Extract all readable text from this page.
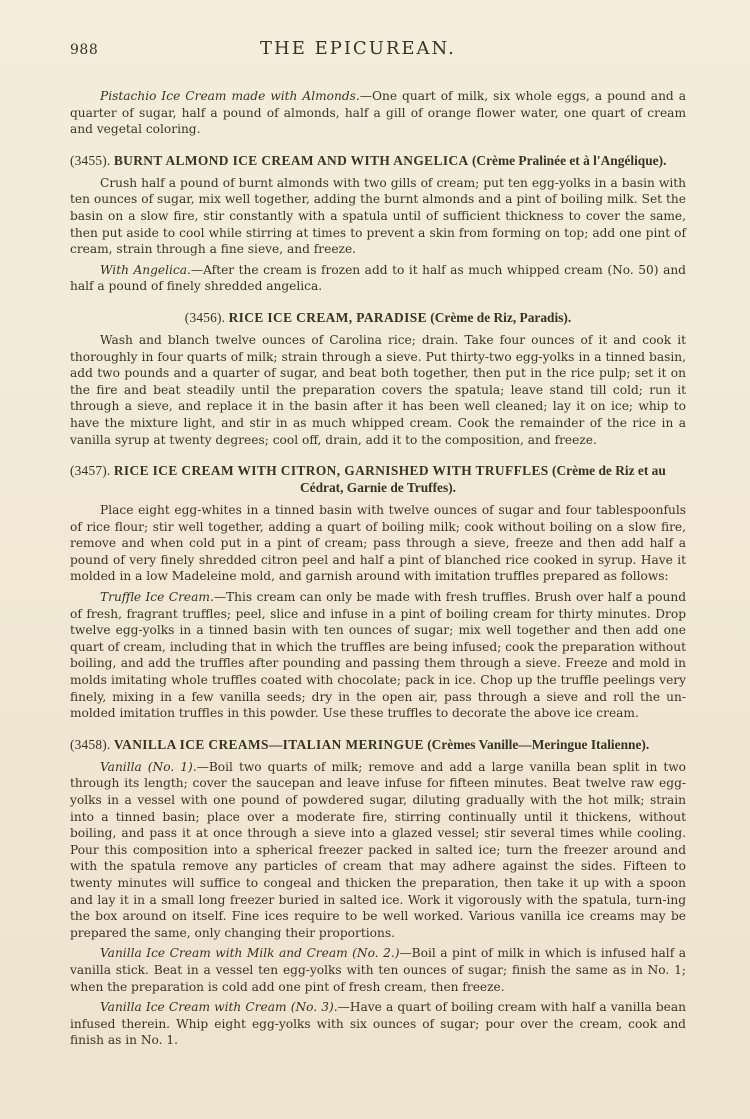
988	THE EPICUREAN.

Pistachio Ice Cream made with Almonds.—One quart of milk, six whole eggs, a pound and a quarter of sugar, half a pound of almonds, half a gill of orange flower water, one quart of cream and vegetal coloring.

(3455). BURNT ALMOND ICE CREAM AND WITH ANGELICA (Crème Pralinée et à l'Angélique).

Crush half a pound of burnt almonds with two gills of cream; put ten egg-yolks in a basin with ten ounces of sugar, mix well together, adding the burnt almonds and a pint of boiling milk. Set the basin on a slow fire, stir constantly with a spatula until of sufficient thickness to cover the same, then put aside to cool while stirring at times to prevent a skin from forming on top; add one pint of cream, strain through a fine sieve, and freeze.

With Angelica.—After the cream is frozen add to it half as much whipped cream (No. 50) and half a pound of finely shredded angelica.

(3456). RICE ICE CREAM, PARADISE (Crème de Riz, Paradis).

Wash and blanch twelve ounces of Carolina rice; drain. Take four ounces of it and cook it thoroughly in four quarts of milk; strain through a sieve. Put thirty-two egg-yolks in a tinned basin, add two pounds and a quarter of sugar, and beat both together, then put in the rice pulp; set it on the fire and beat steadily until the preparation covers the spatula; leave stand till cold; run it through a sieve, and replace it in the basin after it has been well cleaned; lay it on ice; whip to have the mixture light, and stir in as much whipped cream. Cook the remainder of the rice in a vanilla syrup at twenty degrees; cool off, drain, add it to the composition, and freeze.

(3457). RICE ICE CREAM WITH CITRON, GARNISHED WITH TRUFFLES (Crème de Riz et au
Cédrat, Garnie de Truffes).

Place eight egg-whites in a tinned basin with twelve ounces of sugar and four tablespoonfuls of rice flour; stir well together, adding a quart of boiling milk; cook without boiling on a slow fire, remove and when cold put in a pint of cream; pass through a sieve, freeze and then add half a pound of very finely shredded citron peel and half a pint of blanched rice cooked in syrup. Have it molded in a low Madeleine mold, and garnish around with imitation truffles prepared as follows:

Truffle Ice Cream.—This cream can only be made with fresh truffles. Brush over half a pound of fresh, fragrant truffles; peel, slice and infuse in a pint of boiling cream for thirty minutes. Drop twelve egg-yolks in a tinned basin with ten ounces of sugar; mix well together and then add one quart of cream, including that in which the truffles are being infused; cook the preparation without boiling, and add the truffles after pounding and passing them through a sieve. Freeze and mold in molds imitating whole truffles coated with chocolate; pack in ice. Chop up the truffle peelings very finely, mixing in a few vanilla seeds; dry in the open air, pass through a sieve and roll the un-molded imitation truffles in this powder. Use these truffles to decorate the above ice cream.

(3458). VANILLA ICE CREAMS—ITALIAN MERINGUE (Crèmes Vanille—Meringue Italienne).

Vanilla (No. 1).—Boil two quarts of milk; remove and add a large vanilla bean split in two through its length; cover the saucepan and leave infuse for fifteen minutes. Beat twelve raw egg-yolks in a vessel with one pound of powdered sugar, diluting gradually with the hot milk; strain into a tinned basin; place over a moderate fire, stirring continually until it thickens, without boiling, and pass it at once through a sieve into a glazed vessel; stir several times while cooling. Pour this composition into a spherical freezer packed in salted ice; turn the freezer around and with the spatula remove any particles of cream that may adhere against the sides. Fifteen to twenty minutes will suffice to congeal and thicken the preparation, then take it up with a spoon and lay it in a small long freezer buried in salted ice. Work it vigorously with the spatula, turn-ing the box around on itself. Fine ices require to be well worked. Various vanilla ice creams may be prepared the same, only changing their proportions.

Vanilla Ice Cream with Milk and Cream (No. 2.)—Boil a pint of milk in which is infused half a vanilla stick. Beat in a vessel ten egg-yolks with ten ounces of sugar; finish the same as in No. 1; when the preparation is cold add one pint of fresh cream, then freeze.

Vanilla Ice Cream with Cream (No. 3).—Have a quart of boiling cream with half a vanilla bean infused therein. Whip eight egg-yolks with six ounces of sugar; pour over the cream, cook and finish as in No. 1.
